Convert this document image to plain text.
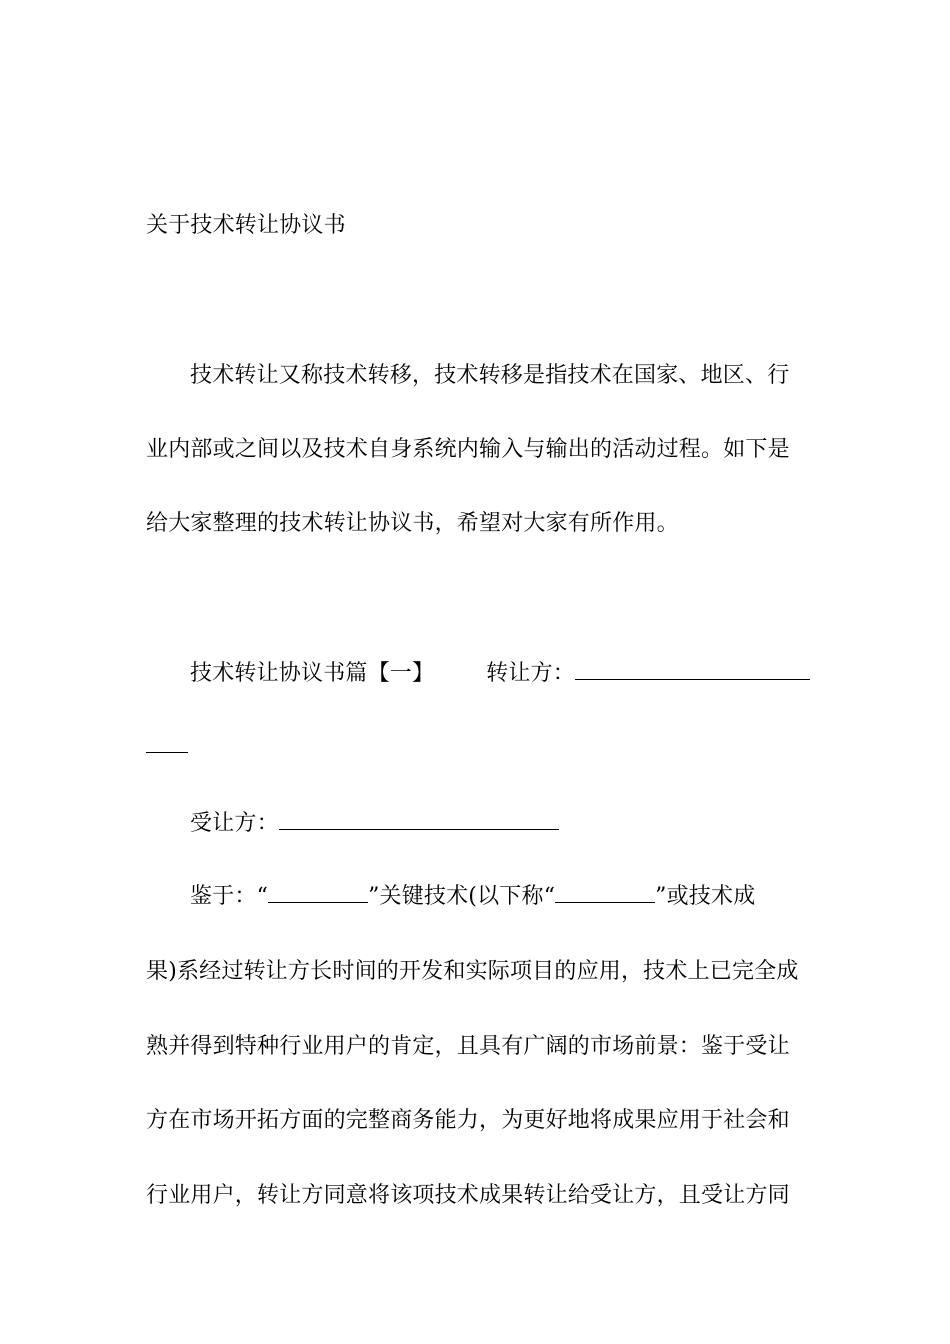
关于技术转让协议书
技术转让又称技术转移，技术转移是指技术在国家、地区、行
业内部或之间以及技术自身系统内输入与输出的活动过程。如下是
给大家整理的技术转让协议书，希望对大家有所作用。
技术转让协议书篇【一】 转让方：
受让方：
鉴于：“	”关键技术(以下称“	”或技术成
果)系经过转让方长时间的开发和实际项目的应用，技术上已完全成
熟并得到特种行业用户的肯定，且具有广阔的市场前景：鉴于受让
方在市场开拓方面的完整商务能力，为更好地将成果应用于社会和
行业用户，转让方同意将该项技术成果转让给受让方，且受让方同
